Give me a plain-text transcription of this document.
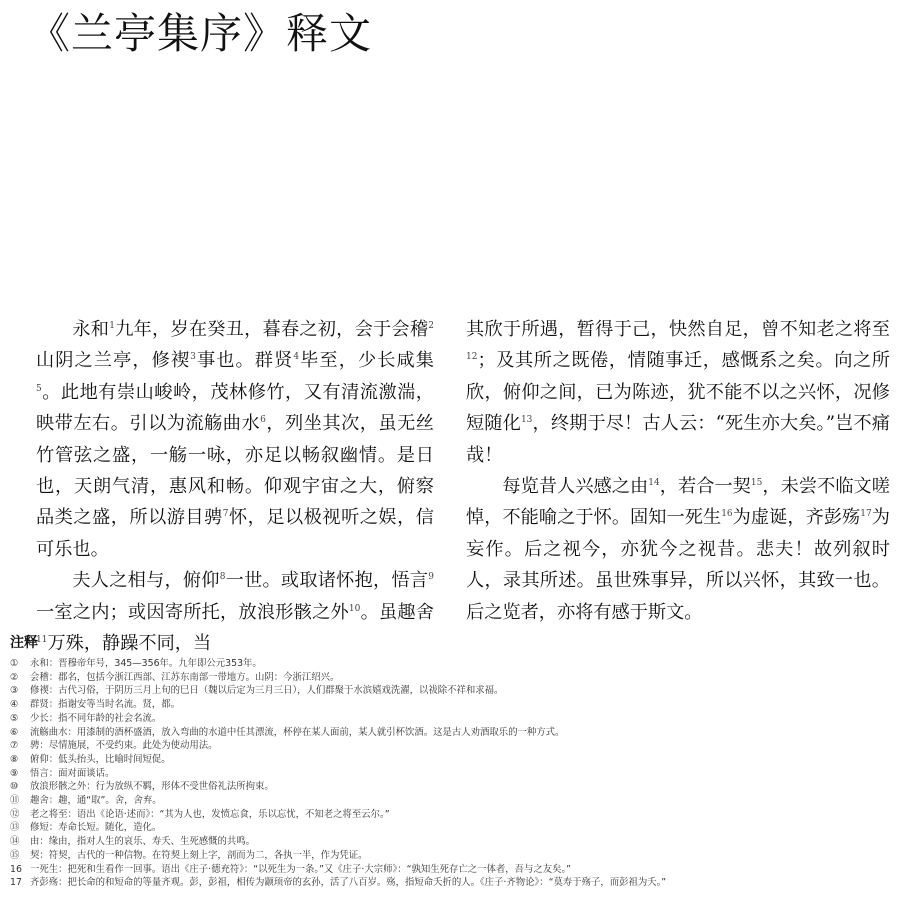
《兰亭集序》释文

永和$^1$九年，岁在癸丑，暮春之初，会于会稽$^2$山阴之兰亭，修禊$^3$事也。群贤$^4$毕至，少长咸集$^5$。此地有崇山峻岭，茂林修竹，又有清流激湍，映带左右。引以为流觞曲水$^6$，列坐其次，虽无丝竹管弦之盛，一觞一咏，亦足以畅叙幽情。是日也，天朗气清，惠风和畅。仰观宇宙之大，俯察品类之盛，所以游目骋$^7$怀，足以极视听之娱，信可乐也。

夫人之相与，俯仰$^8$一世。或取诸怀抱，悟言$^9$一室之内；或因寄所托，放浪形骸之外$^{10}$。虽趣舍$^{11}$万殊，静躁不同，当

其欣于所遇，暂得于己，快然自足，曾不知老之将至$^{12}$；及其所之既倦，情随事迁，感慨系之矣。向之所欣，俯仰之间，已为陈迹，犹不能不以之兴怀，况修短随化$^{13}$，终期于尽！古人云：“死生亦大矣。”岂不痛哉！

每览昔人兴感之由$^{14}$，若合一契$^{15}$，未尝不临文嗟悼，不能喻之于怀。固知一死生$^{16}$为虚诞，齐彭殇$^{17}$为妄作。后之视今，亦犹今之视昔。悲夫！故列叙时人，录其所述。虽世殊事异，所以兴怀，其致一也。后之览者，亦将有感于斯文。

注释
① 永和：晋穆帝年号，345—356年。九年即公元353年。
② 会稽：郡名，包括今浙江西部、江苏东南部一带地方。山阴：今浙江绍兴。
③ 修禊：古代习俗，于阴历三月上旬的巳日（魏以后定为三月三日），人们群聚于水滨嬉戏洗濯，以祓除不祥和求福。
④ 群贤：指谢安等当时名流。贤，都。
⑤ 少长：指不同年龄的社会名流。
⑥ 流觞曲水：用漆制的酒杯盛酒，放入弯曲的水道中任其漂流，杯停在某人面前，某人就引杯饮酒。这是古人劝酒取乐的一种方式。
⑦ 骋：尽情施展，不受约束。此处为使动用法。
⑧ 俯仰：低头抬头，比喻时间短促。
⑨ 悟言：面对面谈话。
⑩ 放浪形骸之外：行为放纵不羁，形体不受世俗礼法所拘束。
⑪ 趣舍：趣，通“取”。舍，舍弃。
⑫ 老之将至：语出《论语·述而》：“其为人也，发愤忘食，乐以忘忧，不知老之将至云尔。”
⑬ 修短：寿命长短。随化，造化。
⑭ 由：缘由，指对人生的哀乐、寿夭、生死感慨的共鸣。
⑮ 契：符契，古代的一种信物。在符契上刻上字，剖而为二，各执一半，作为凭证。
16 一死生：把死和生看作一回事。语出《庄子·德充符》：“以死生为一条。”又《庄子·大宗师》：“孰知生死存亡之一体者，吾与之友矣。”
17 齐彭殇：把长命的和短命的等量齐观。彭，彭祖，相传为颛顼帝的玄孙，活了八百岁。殇，指短命夭折的人。《庄子·齐物论》：“莫寿于殇子，而彭祖为夭。”
